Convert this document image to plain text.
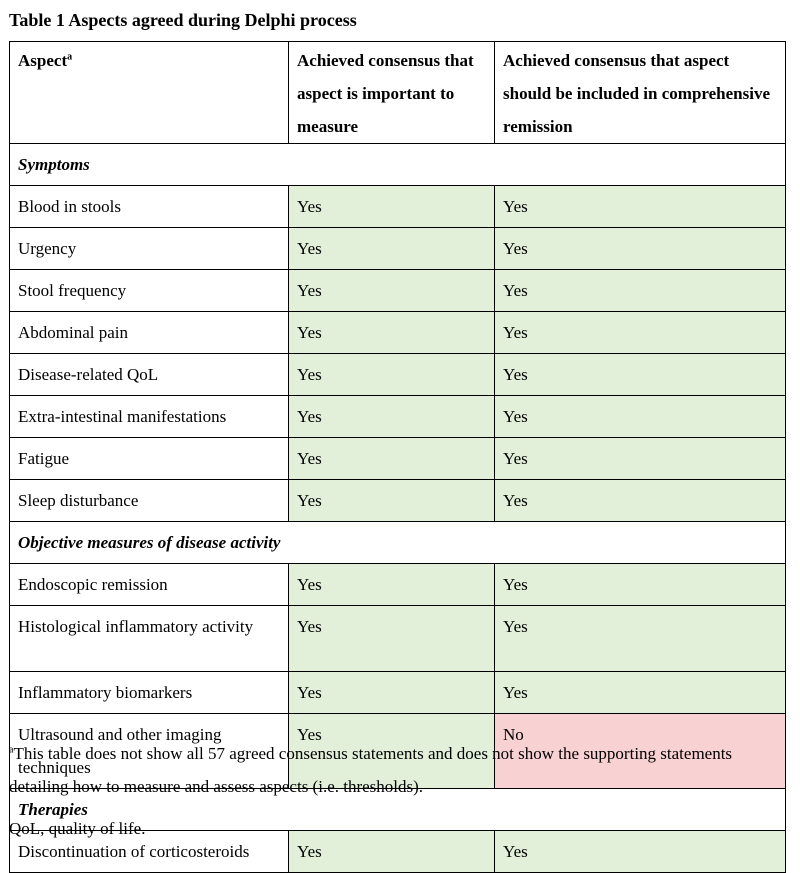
Table 1 Aspects agreed during Delphi process
Aspect$^a$	Achieved consensus that aspect is important to measure	Achieved consensus that aspect should be included in comprehensive remission
Symptoms		
Blood in stools	Yes	Yes
Urgency	Yes	Yes
Stool frequency	Yes	Yes
Abdominal pain	Yes	Yes
Disease-related QoL	Yes	Yes
Extra-intestinal manifestations	Yes	Yes
Fatigue	Yes	Yes
Sleep disturbance	Yes	Yes
Objective measures of disease activity		
Endoscopic remission	Yes	Yes
Histological inflammatory activity	Yes	Yes
Inflammatory biomarkers	Yes	Yes
Ultrasound and other imaging techniques	Yes	No
Therapies		
Discontinuation of corticosteroids	Yes	Yes
$^a$This table does not show all 57 agreed consensus statements and does not show the supporting statements detailing how to measure and assess aspects (i.e. thresholds).
QoL, quality of life.
